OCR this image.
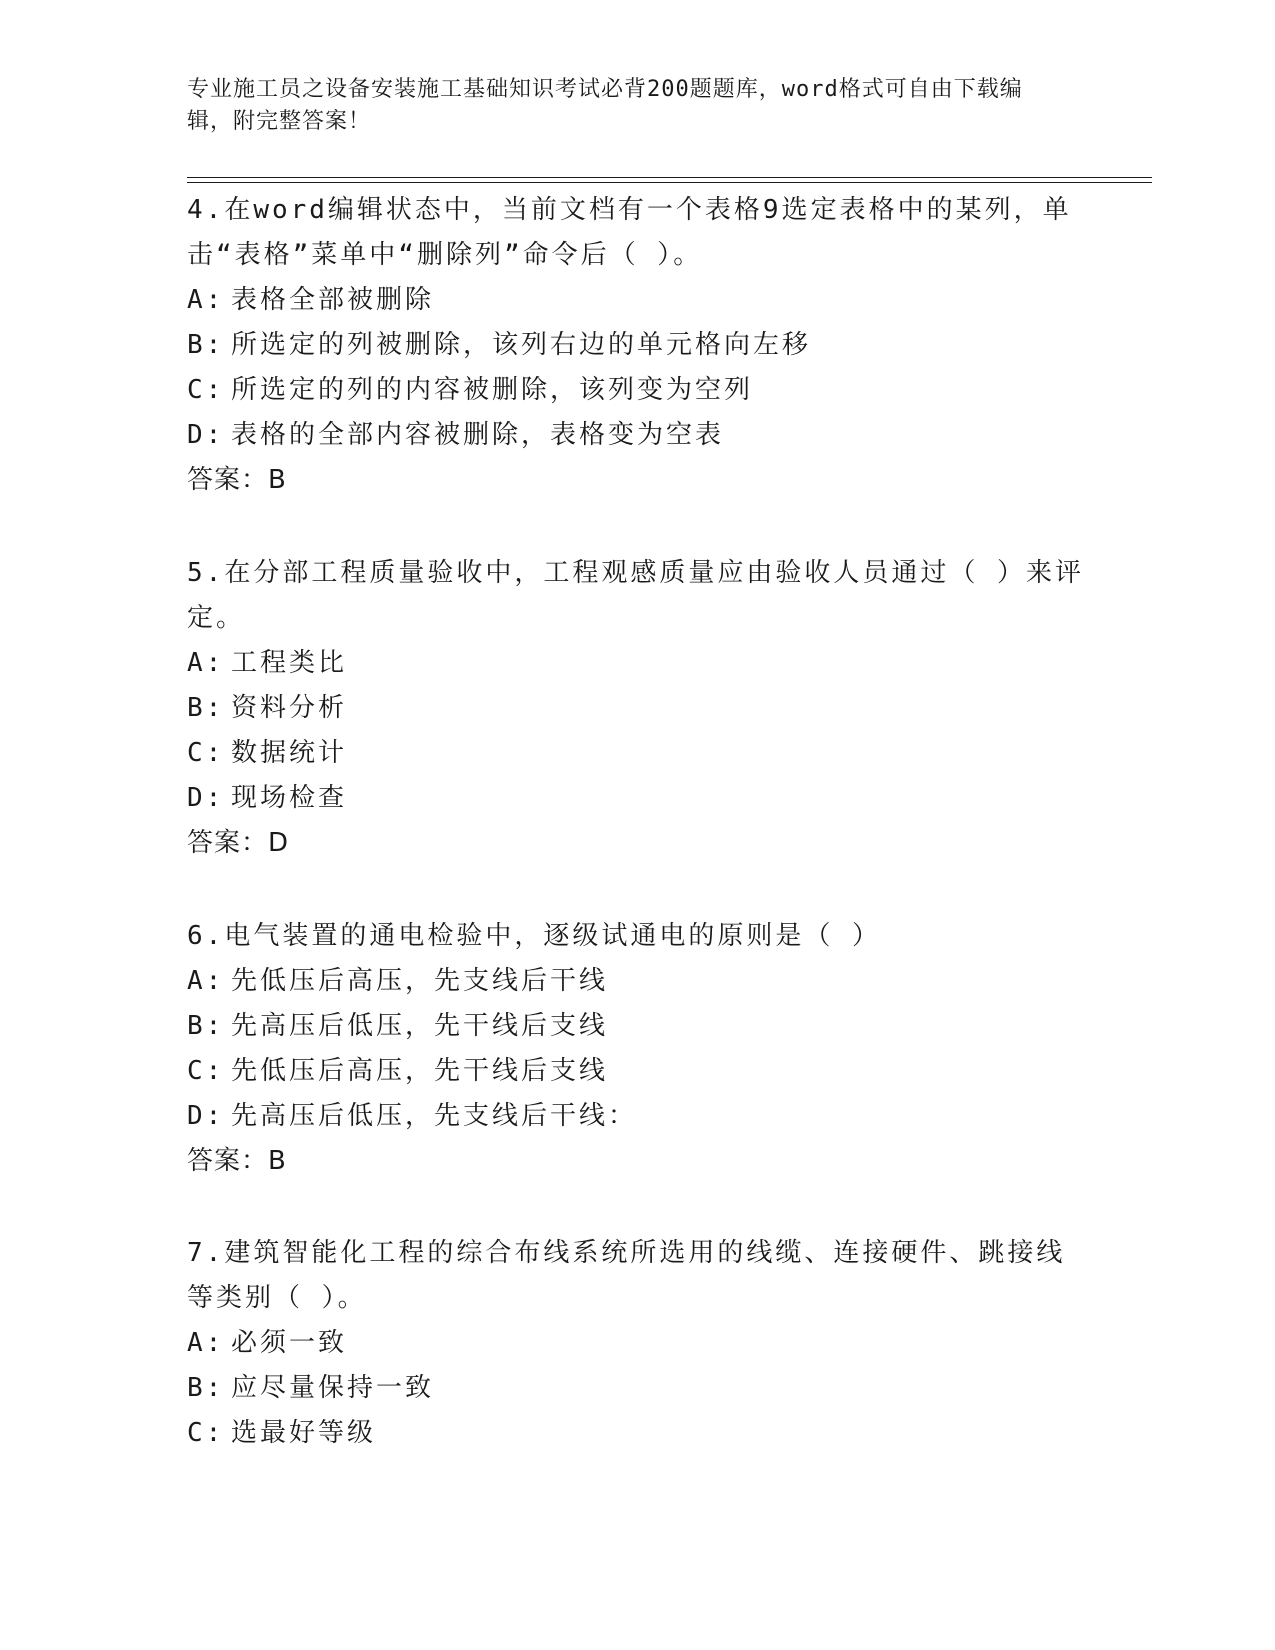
专业施工员之设备安装施工基础知识考试必背200题题库，word格式可自由下载编辑，附完整答案！

4.在word编辑状态中，当前文档有一个表格9选定表格中的某列，单击“表格”菜单中“删除列”命令后（ ）。

A: 表格全部被删除

B: 所选定的列被删除，该列右边的单元格向左移

C: 所选定的列的内容被删除，该列变为空列

D: 表格的全部内容被删除，表格变为空表

答案：B

5.在分部工程质量验收中，工程观感质量应由验收人员通过（ ）来评定。

A: 工程类比

B: 资料分析

C: 数据统计

D: 现场检查

答案：D

6.电气装置的通电检验中，逐级试通电的原则是（ ）

A: 先低压后高压，先支线后干线

B: 先高压后低压，先干线后支线

C: 先低压后高压，先干线后支线

D: 先高压后低压，先支线后干线：

答案：B

7.建筑智能化工程的综合布线系统所选用的线缆、连接硬件、跳接线等类别（ ）。

A: 必须一致

B: 应尽量保持一致

C: 选最好等级
